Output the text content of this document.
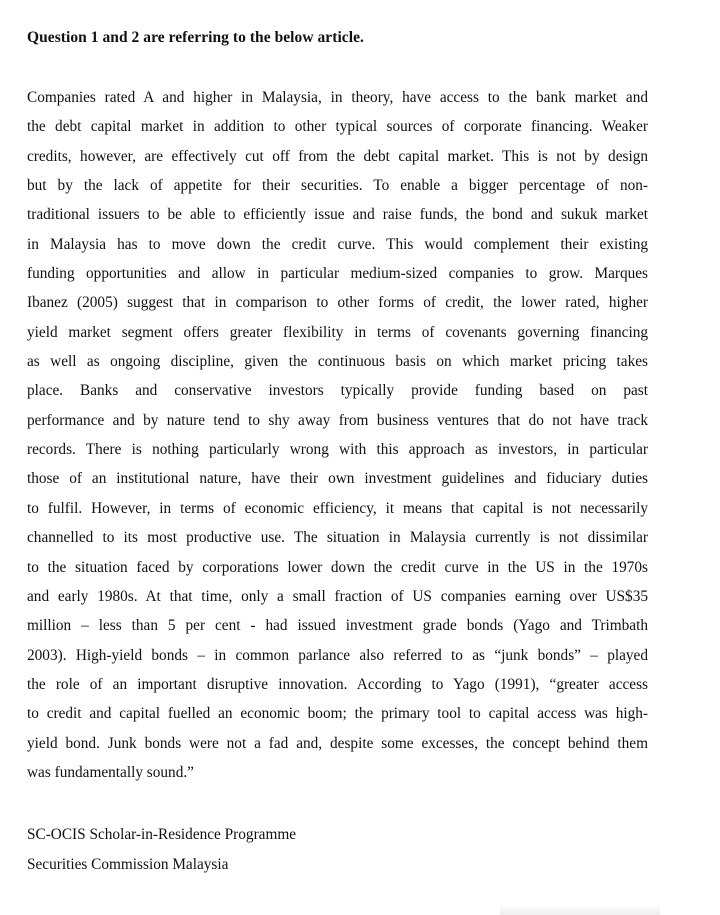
Question 1 and 2 are referring to the below article.
Companies rated A and higher in Malaysia, in theory, have access to the bank market and
the debt capital market in addition to other typical sources of corporate financing. Weaker
credits, however, are effectively cut off from the debt capital market. This is not by design
but by the lack of appetite for their securities. To enable a bigger percentage of non-
traditional issuers to be able to efficiently issue and raise funds, the bond and sukuk market
in Malaysia has to move down the credit curve. This would complement their existing
funding opportunities and allow in particular medium-sized companies to grow. Marques
Ibanez (2005) suggest that in comparison to other forms of credit, the lower rated, higher
yield market segment offers greater flexibility in terms of covenants governing financing
as well as ongoing discipline, given the continuous basis on which market pricing takes
place. Banks and conservative investors typically provide funding based on past
performance and by nature tend to shy away from business ventures that do not have track
records. There is nothing particularly wrong with this approach as investors, in particular
those of an institutional nature, have their own investment guidelines and fiduciary duties
to fulfil. However, in terms of economic efficiency, it means that capital is not necessarily
channelled to its most productive use. The situation in Malaysia currently is not dissimilar
to the situation faced by corporations lower down the credit curve in the US in the 1970s
and early 1980s. At that time, only a small fraction of US companies earning over US$35
million – less than 5 per cent - had issued investment grade bonds (Yago and Trimbath
2003). High-yield bonds – in common parlance also referred to as “junk bonds” – played
the role of an important disruptive innovation. According to Yago (1991), “greater access
to credit and capital fuelled an economic boom; the primary tool to capital access was high-
yield bond. Junk bonds were not a fad and, despite some excesses, the concept behind them
was fundamentally sound.”
SC-OCIS Scholar-in-Residence Programme
Securities Commission Malaysia
